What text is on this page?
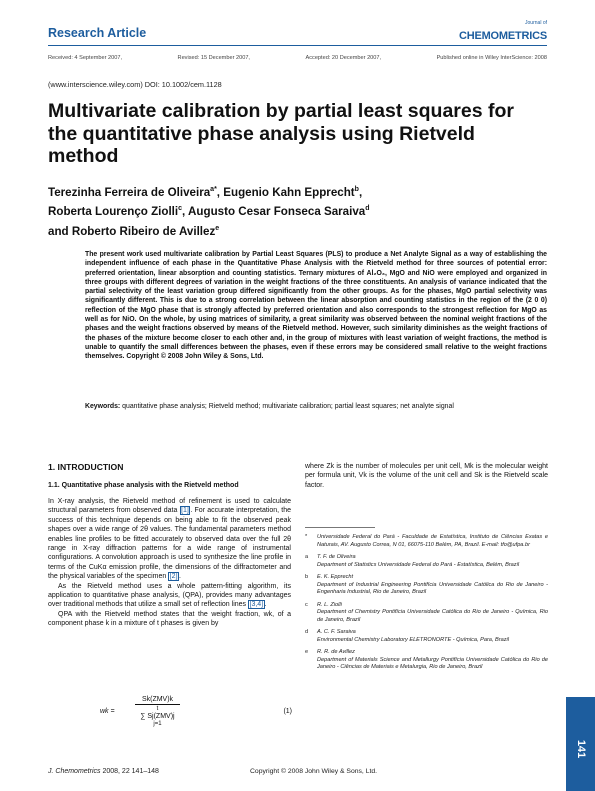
Research Article
Journal of
CHEMOMETRICS
Received: 4 September 2007,	Revised: 15 December 2007,	Accepted: 20 December 2007,	Published online in Wiley InterScience: 2008
(www.interscience.wiley.com) DOI: 10.1002/cem.1128
Multivariate calibration by partial least squares for the quantitative phase analysis using Rietveld method
Terezinha Ferreira de Oliveira$^{a*}$, Eugenio Kahn Epprecht$^b$,
Roberta Lourenço Ziolli$^c$, Augusto Cesar Fonseca Saraiva$^d$
and Roberto Ribeiro de Avillez$^e$
The present work used multivariate calibration by Partial Least Squares (PLS) to produce a Net Analyte Signal as a way of establishing the independent influence of each phase in the Quantitative Phase Analysis with the Rietveld method for three sources of potential error: preferred orientation, linear absorption and counting statistics. Ternary mixtures of Al₂O₃, MgO and NiO were employed and organized in three groups with different degrees of variation in the weight fractions of the three constituents. An analysis of variance indicated that the partial selectivity of the least variation group differed significantly from the other groups. As for the phases, MgO partial selectivity was significantly different. This is due to a strong correlation between the linear absorption and counting statistics in the region of the (2 0 0) reflection of the MgO phase that is strongly affected by preferred orientation and also corresponds to the strongest reflection for MgO as well as for NiO. On the whole, by using matrices of similarity, a great similarity was observed between the nominal weight fractions of the phases and the weight fractions observed by means of the Rietveld method. However, such similarity diminishes as the weight fractions of the phases of the mixture become closer to each other and, in the group of mixtures with least variation of weight fractions, the method is unable to quantify the small differences between the phases, even if these errors may be considered small relative to the weight fractions themselves. Copyright © 2008 John Wiley & Sons, Ltd.
Keywords: quantitative phase analysis; Rietveld method; multivariate calibration; partial least squares; net analyte signal
1. INTRODUCTION
1.1. Quantitative phase analysis with the Rietveld method

In X-ray analysis, the Rietveld method of refinement is used to calculate structural parameters from observed data [1] . For accurate interpretation, the success of this technique depends on being able to fit the observed peak shapes over a wide range of 2θ values. The fundamental parameters method enables line profiles to be fitted accurately to observed data over the full 2θ range in X-ray diffraction patterns for a wide range of instrumental configurations. A convolution approach is used to synthesize the line profile in terms of the CuKα emission profile, the dimensions of the diffractometer and the physical variables of the specimen [2] .

As the Rietveld method uses a whole pattern-fitting algorithm, its application to quantitative phase analysis, (QPA), provides many advantages over traditional methods that utilize a small set of reflection lines [3,4] .

QPA with the Rietveld method states that the weight fraction, wk, of a component phase k in a mixture of t phases is given by

wk =
Sk(ZMV)k
t
∑ Sj(ZMV)j
j=1
(1)
where Zk is the number of molecules per unit cell, Mk is the molecular weight per formula unit, Vk is the volume of the unit cell and Sk is the Rietveld scale factor.
*	Universidade Federal do Pará - Faculdade de Estatística, Instituto de Ciências Exatas e Naturais, AV. Augusto Correa, N 01, 66075-110 Belém, PA, Brazil. E-mail: tfo@ufpa.br
a	T. F. de Oliveira
Department of Statistics Universidade Federal do Pará - Estatística, Belém, Brazil
b	E. K. Epprecht
Department of Industrial Engineering Pontifícia Universidade Católica do Rio de Janeiro - Engenharia Industrial, Rio de Janeiro, Brazil
c	R. L. Ziolli
Department of Chemistry Pontifícia Universidade Católica do Rio de Janeiro - Química, Rio de Janeiro, Brazil
d	A. C. F. Saraiva
Environmental Chemistry Laboratory ELETRONORTE - Química, Para, Brazil
e	R. R. de Avillez
Department of Materials Science and Metallurgy Pontifícia Universidade Católica do Rio de Janeiro - Ciências de Materiais e Metalurgia, Rio de Janeiro, Brazil
J. Chemometrics 2008, 22 141–148	Copyright © 2008 John Wiley & Sons, Ltd.
141
